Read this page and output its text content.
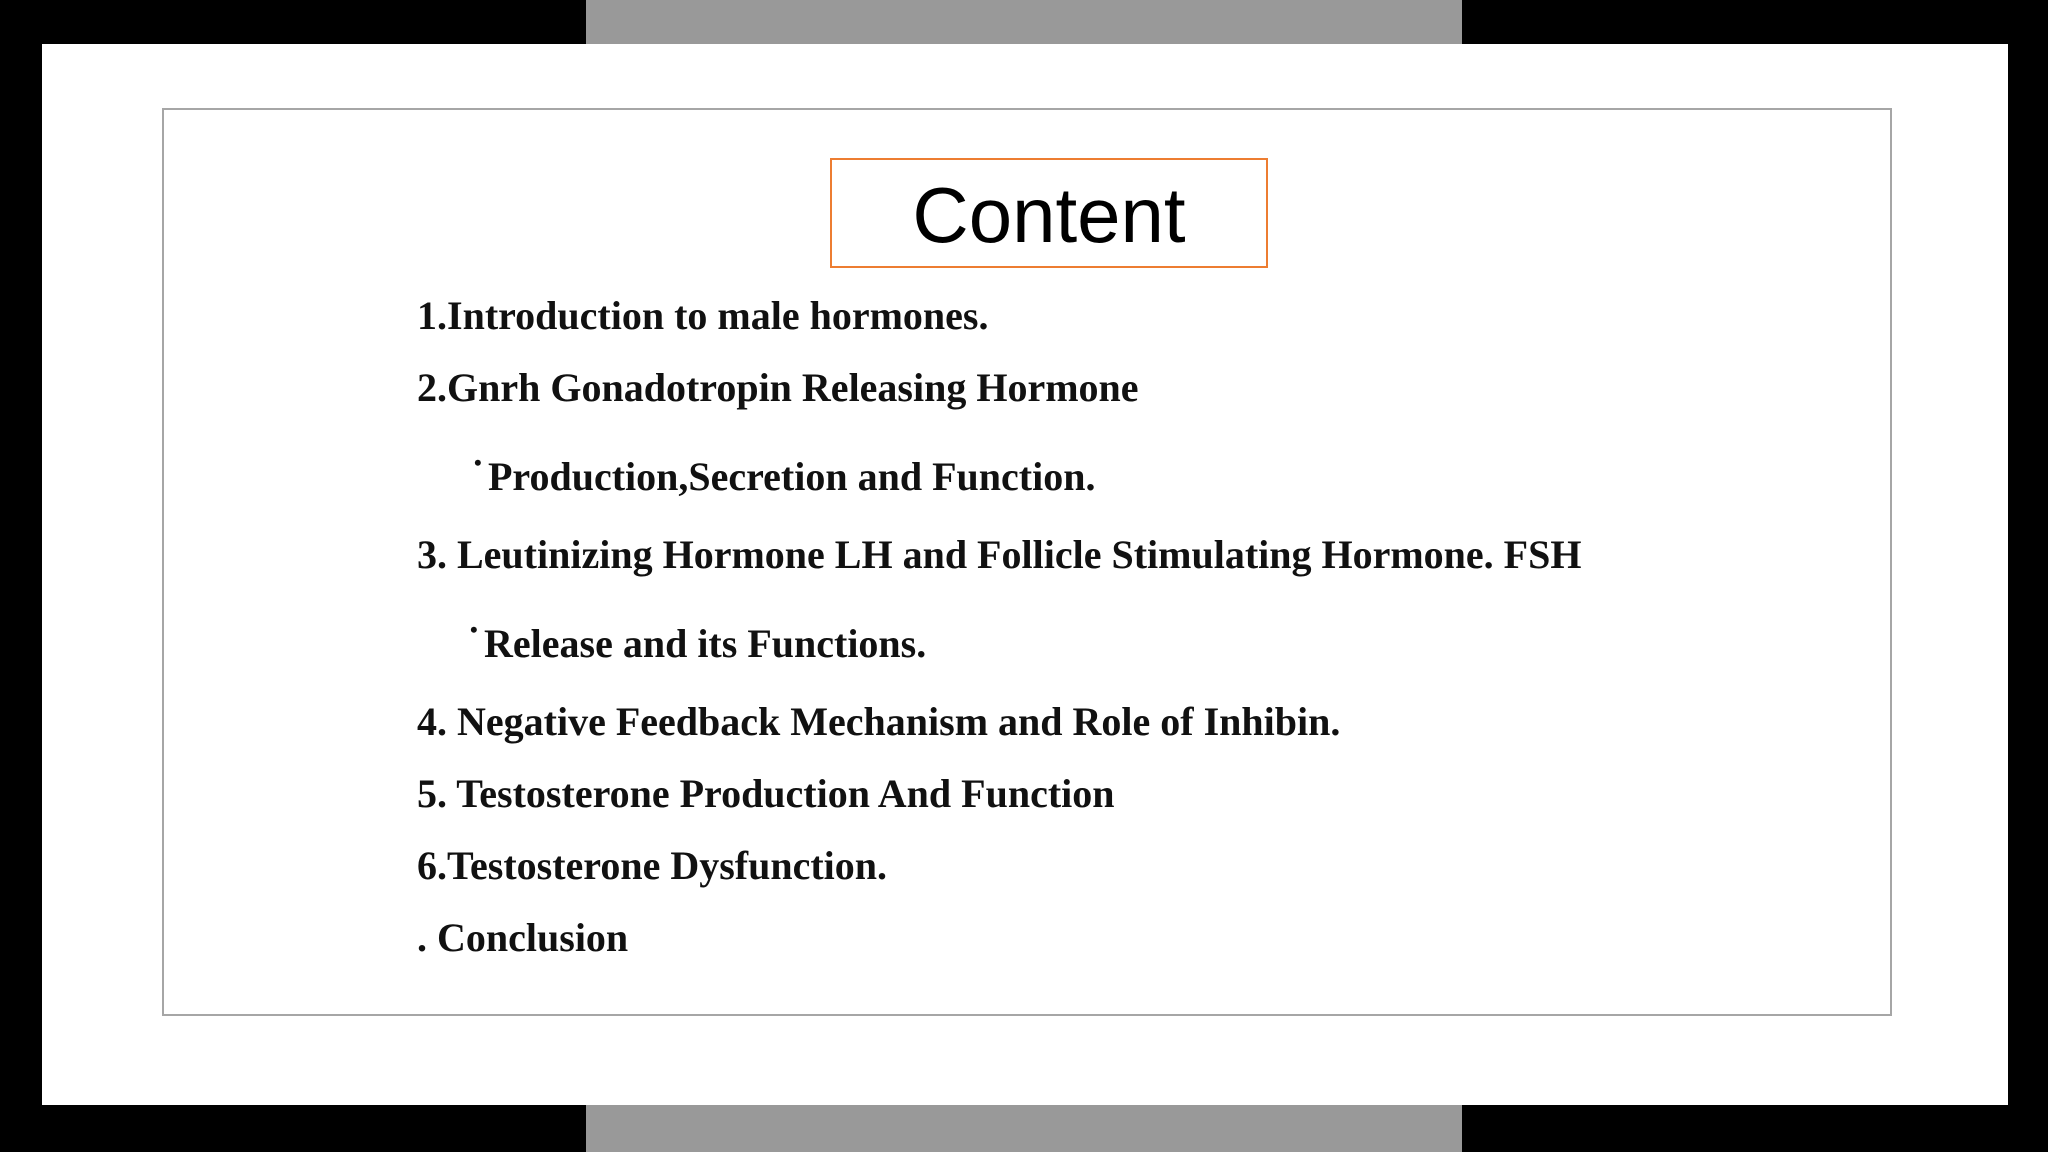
Content
1.Introduction to male hormones.
2.Gnrh Gonadotropin Releasing Hormone
• Production,Secretion and Function.
3. Leutinizing Hormone LH and Follicle Stimulating Hormone. FSH
• Release and its Functions.
4. Negative Feedback Mechanism and Role of Inhibin.
5. Testosterone Production And Function
6.Testosterone Dysfunction.
. Conclusion
